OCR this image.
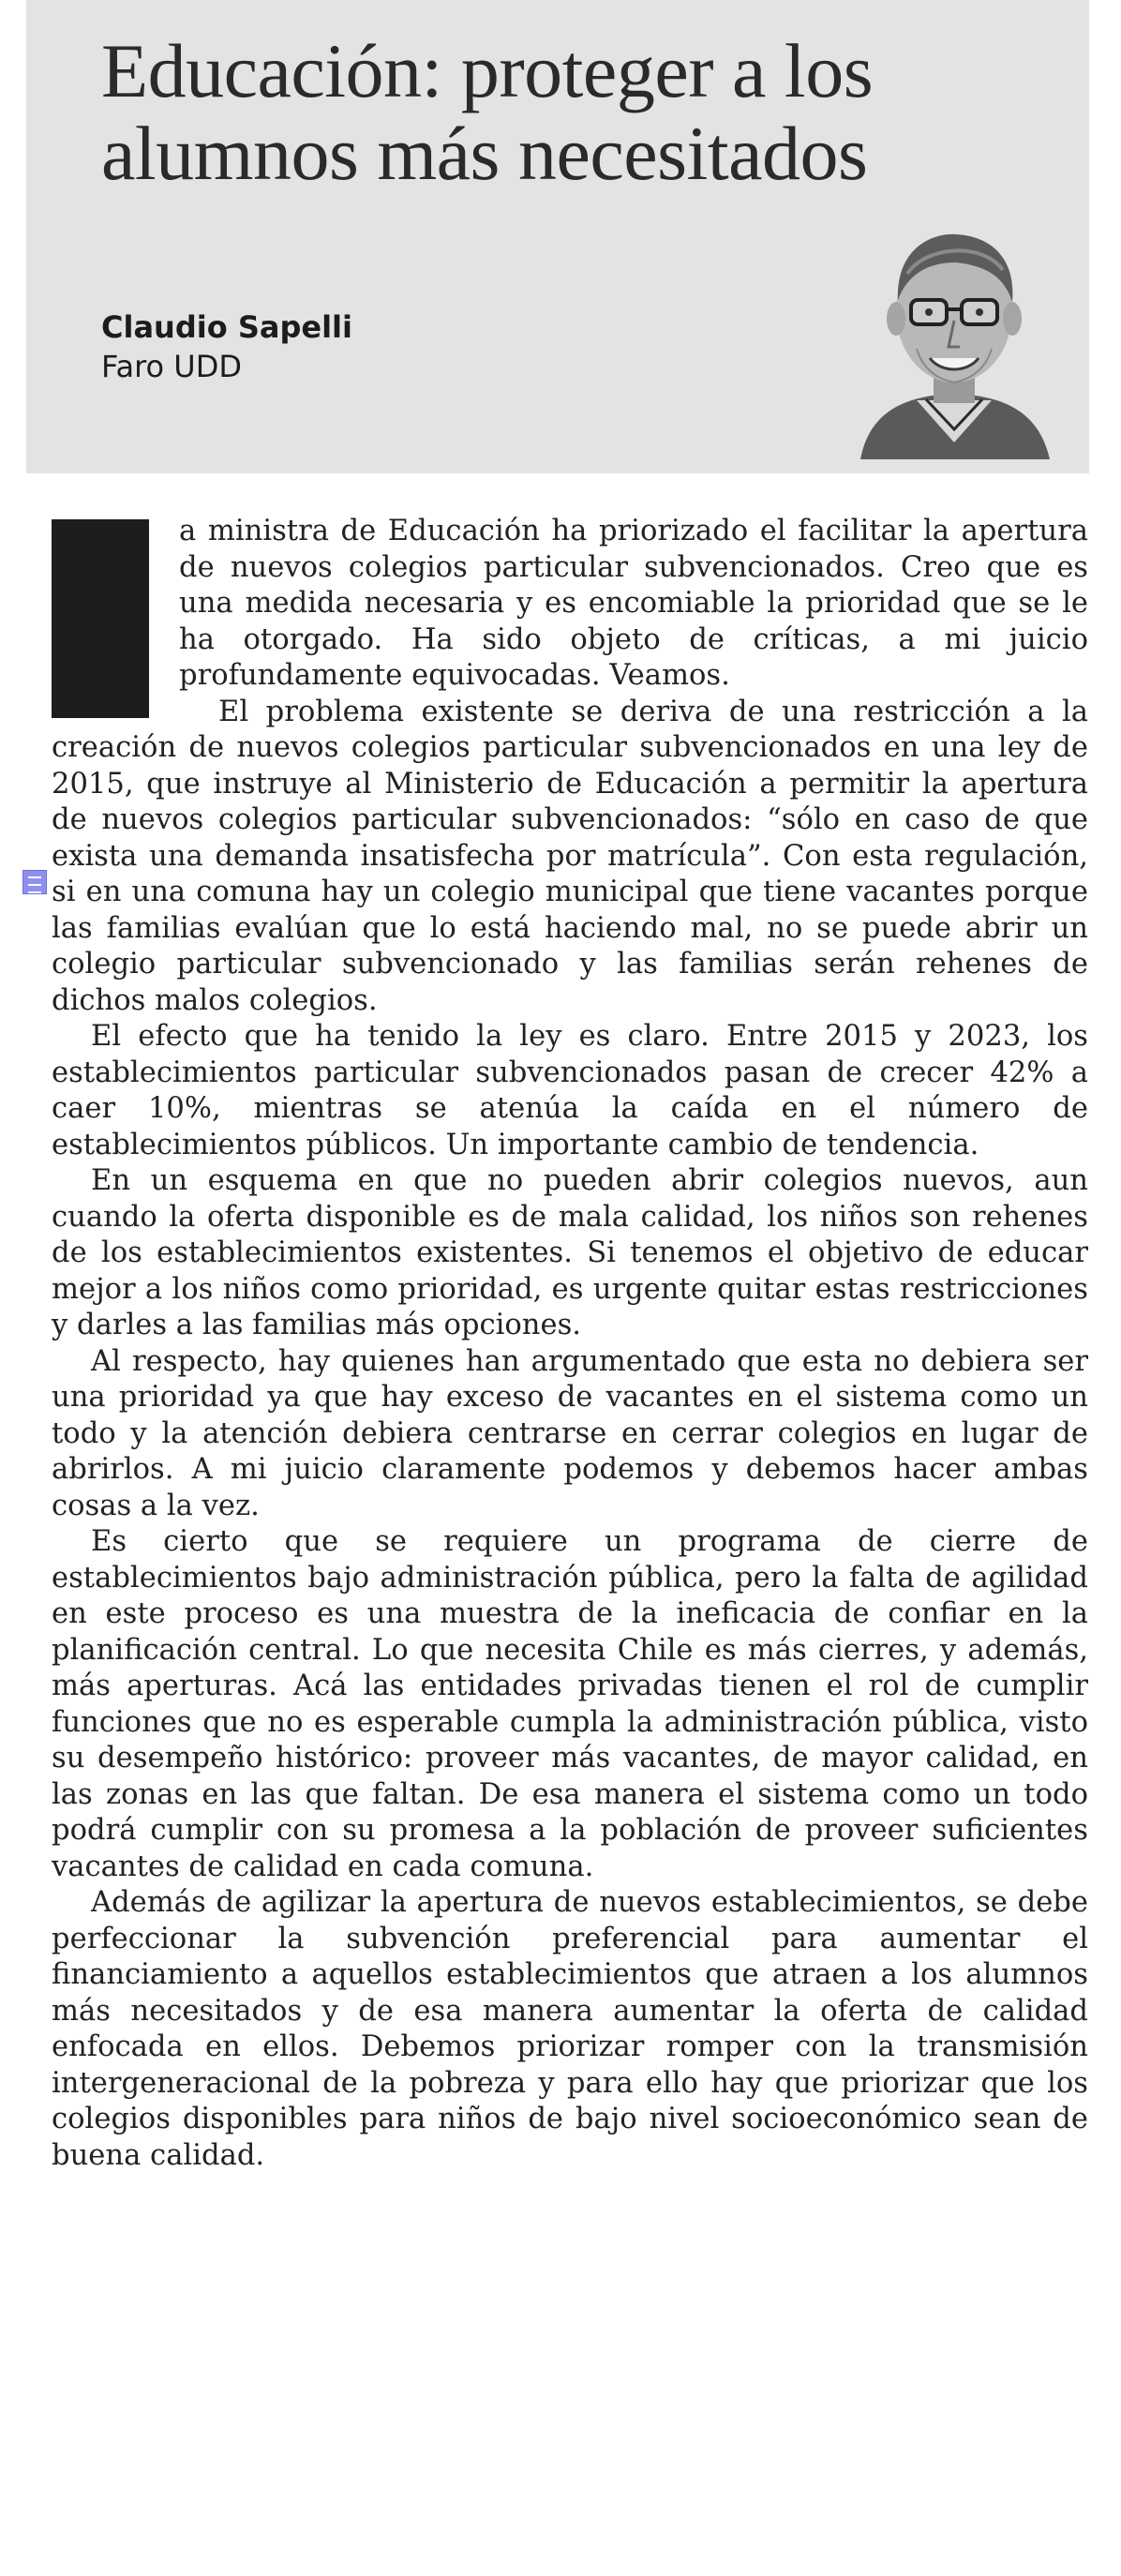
Educación: proteger a los alumnos más necesitados
Claudio Sapelli
Faro UDD

a ministra de Educación ha priorizado el facilitar la apertura de nuevos colegios particular subvencionados. Creo que es una medida necesaria y es encomiable la prioridad que se le ha otorgado. Ha sido objeto de críticas, a mi juicio profundamente equivocadas. Veamos.

El problema existente se deriva de una restricción a la creación de nuevos colegios particular subvencionados en una ley de 2015, que instruye al Ministerio de Educación a permitir la apertura de nuevos colegios particular subvencionados: “sólo en caso de que exista una demanda insatisfecha por matrícula”. Con esta regulación, si en una comuna hay un colegio municipal que tiene vacantes porque las familias evalúan que lo está haciendo mal, no se puede abrir un colegio particular subvencionado y las familias serán rehenes de dichos malos colegios.

El efecto que ha tenido la ley es claro. Entre 2015 y 2023, los establecimientos particular subvencionados pasan de crecer 42% a caer 10%, mientras se atenúa la caída en el número de establecimientos públicos. Un importante cambio de tendencia.

En un esquema en que no pueden abrir colegios nuevos, aun cuando la oferta disponible es de mala calidad, los niños son rehenes de los establecimientos existentes. Si tenemos el objetivo de educar mejor a los niños como prioridad, es urgente quitar estas restricciones y darles a las familias más opciones.

Al respecto, hay quienes han argumentado que esta no debiera ser una prioridad ya que hay exceso de vacantes en el sistema como un todo y la atención debiera centrarse en cerrar colegios en lugar de abrirlos. A mi juicio claramente podemos y debemos hacer ambas cosas a la vez.

Es cierto que se requiere un programa de cierre de establecimientos bajo administración pública, pero la falta de agilidad en este proceso es una muestra de la ineficacia de confiar en la planificación central. Lo que necesita Chile es más cierres, y además, más aperturas. Acá las entidades privadas tienen el rol de cumplir funciones que no es esperable cumpla la administración pública, visto su desempeño histórico: proveer más vacantes, de mayor calidad, en las zonas en las que faltan. De esa manera el sistema como un todo podrá cumplir con su promesa a la población de proveer suficientes vacantes de calidad en cada comuna.

Además de agilizar la apertura de nuevos establecimientos, se debe perfeccionar la subvención preferencial para aumentar el financiamiento a aquellos establecimientos que atraen a los alumnos más necesitados y de esa manera aumentar la oferta de calidad enfocada en ellos. Debemos priorizar romper con la transmisión intergeneracional de la pobreza y para ello hay que priorizar que los colegios disponibles para niños de bajo nivel socioeconómico sean de buena calidad.
